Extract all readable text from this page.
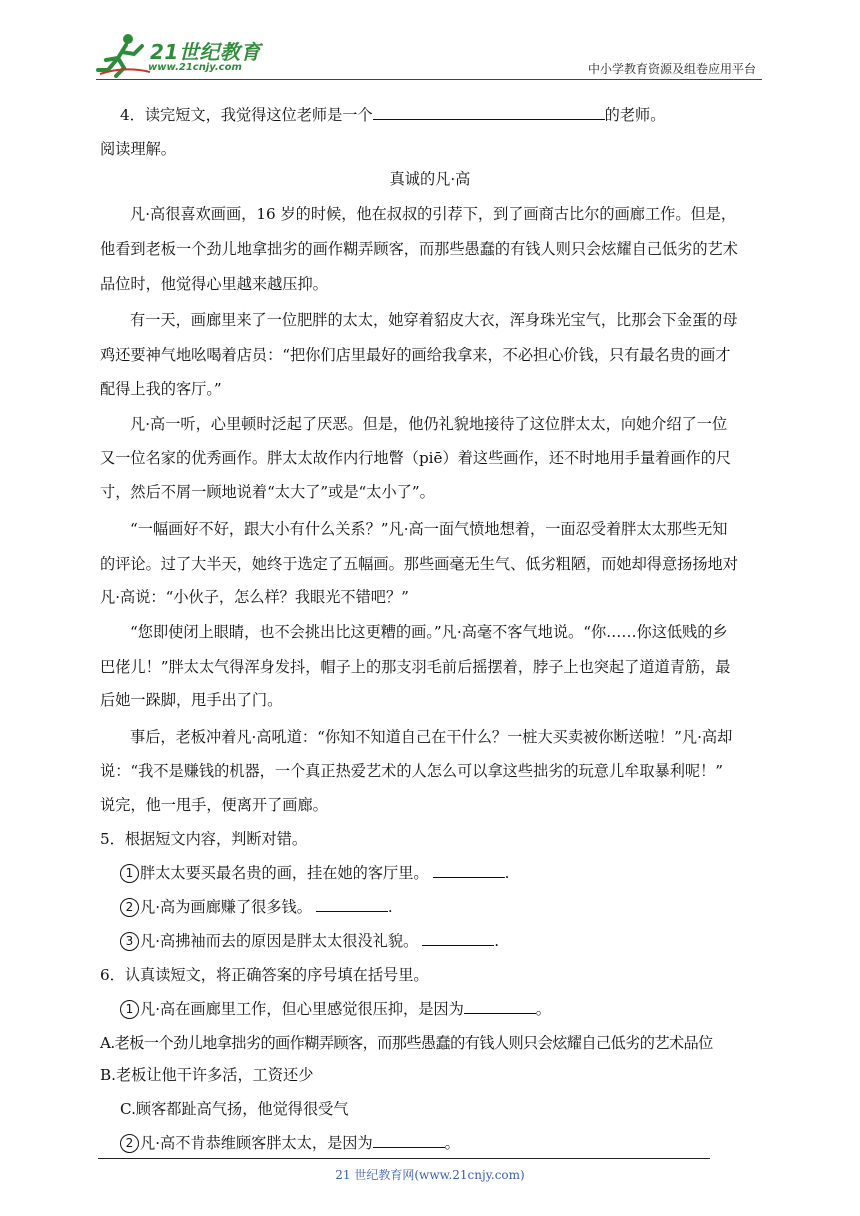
21世纪教育
www.21cnjy.com	中小学教育资源及组卷应用平台
4．读完短文，我觉得这位老师是一个	的老师。
阅读理解。
真诚的凡·高
凡·高很喜欢画画，16 岁的时候，他在叔叔的引荐下，到了画商古比尔的画廊工作。但是，
他看到老板一个劲儿地拿拙劣的画作糊弄顾客，而那些愚蠢的有钱人则只会炫耀自己低劣的艺术
品位时，他觉得心里越来越压抑。
有一天，画廊里来了一位肥胖的太太，她穿着貂皮大衣，浑身珠光宝气，比那会下金蛋的母
鸡还要神气地吆喝着店员：“把你们店里最好的画给我拿来，不必担心价钱，只有最名贵的画才
配得上我的客厅。”
凡·高一听，心里顿时泛起了厌恶。但是，他仍礼貌地接待了这位胖太太，向她介绍了一位
又一位名家的优秀画作。胖太太故作内行地瞥（piē）着这些画作，还不时地用手量着画作的尺
寸，然后不屑一顾地说着“太大了”或是“太小了”。
“一幅画好不好，跟大小有什么关系？”凡·高一面气愤地想着，一面忍受着胖太太那些无知
的评论。过了大半天，她终于选定了五幅画。那些画毫无生气、低劣粗陋，而她却得意扬扬地对
凡·高说：“小伙子，怎么样？我眼光不错吧？”
“您即使闭上眼睛，也不会挑出比这更糟的画。”凡·高毫不客气地说。“你……你这低贱的乡
巴佬儿！”胖太太气得浑身发抖，帽子上的那支羽毛前后摇摆着，脖子上也突起了道道青筋，最
后她一跺脚，甩手出了门。
事后，老板冲着凡·高吼道：“你知不知道自己在干什么？一桩大买卖被你断送啦！”凡·高却
说：“我不是赚钱的机器，一个真正热爱艺术的人怎么可以拿这些拙劣的玩意儿牟取暴利呢！”
说完，他一甩手，便离开了画廊。
5．根据短文内容，判断对错。
1 胖太太要买最名贵的画，挂在她的客厅里。	.
2 凡·高为画廊赚了很多钱。	.
3 凡·高拂袖而去的原因是胖太太很没礼貌。	.
6．认真读短文，将正确答案的序号填在括号里。
1 凡·高在画廊里工作，但心里感觉很压抑，是因为	。
A.老板一个劲儿地拿拙劣的画作糊弄顾客，而那些愚蠢的有钱人则只会炫耀自己低劣的艺术品位
B.老板让他干许多活，工资还少
C.顾客都趾高气扬，他觉得很受气
2 凡·高不肯恭维顾客胖太太，是因为	。
21 世纪教育网(www.21cnjy.com)
